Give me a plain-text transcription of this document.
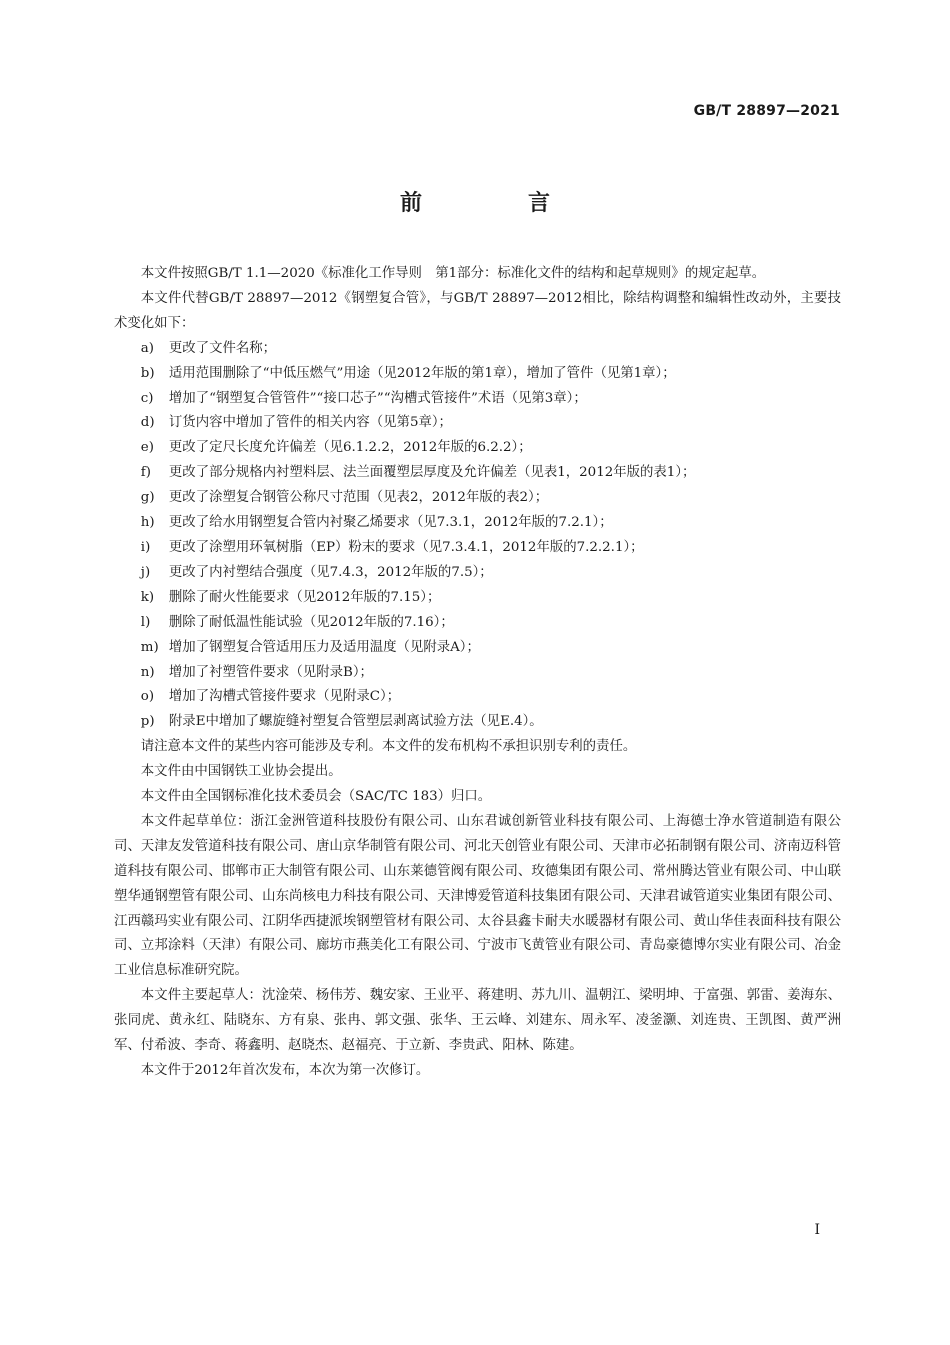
GB/T 28897—2021
前　言

本文件按照GB/T 1.1—2020《标准化工作导则　第1部分：标准化文件的结构和起草规则》的规定起草。

本文件代替GB/T 28897—2012《钢塑复合管》，与GB/T 28897—2012相比，除结构调整和编辑性改动外，主要技术变化如下：

a) 更改了文件名称；

b) 适用范围删除了“中低压燃气”用途（见2012年版的第1章），增加了管件（见第1章）；

c) 增加了“钢塑复合管管件”“接口芯子”“沟槽式管接件”术语（见第3章）；

d) 订货内容中增加了管件的相关内容（见第5章）；

e) 更改了定尺长度允许偏差（见6.1.2.2，2012年版的6.2.2）；

f) 更改了部分规格内衬塑料层、法兰面覆塑层厚度及允许偏差（见表1，2012年版的表1）；

g) 更改了涂塑复合钢管公称尺寸范围（见表2，2012年版的表2）；

h) 更改了给水用钢塑复合管内衬聚乙烯要求（见7.3.1，2012年版的7.2.1）；

i) 更改了涂塑用环氧树脂（EP）粉末的要求（见7.3.4.1，2012年版的7.2.2.1）；

j) 更改了内衬塑结合强度（见7.4.3，2012年版的7.5）；

k) 删除了耐火性能要求（见2012年版的7.15）；

l) 删除了耐低温性能试验（见2012年版的7.16）；

m) 增加了钢塑复合管适用压力及适用温度（见附录A）；

n) 增加了衬塑管件要求（见附录B）；

o) 增加了沟槽式管接件要求（见附录C）；

p) 附录E中增加了螺旋缝衬塑复合管塑层剥离试验方法（见E.4）。

请注意本文件的某些内容可能涉及专利。本文件的发布机构不承担识别专利的责任。

本文件由中国钢铁工业协会提出。

本文件由全国钢标准化技术委员会（SAC/TC 183）归口。

本文件起草单位：浙江金洲管道科技股份有限公司、山东君诚创新管业科技有限公司、上海德士净水管道制造有限公司、天津友发管道科技有限公司、唐山京华制管有限公司、河北天创管业有限公司、天津市必拓制钢有限公司、济南迈科管道科技有限公司、邯郸市正大制管有限公司、山东莱德管阀有限公司、玫德集团有限公司、常州腾达管业有限公司、中山联塑华通钢塑管有限公司、山东尚核电力科技有限公司、天津博爱管道科技集团有限公司、天津君诚管道实业集团有限公司、江西赣玛实业有限公司、江阴华西捷派埃钢塑管材有限公司、太谷县鑫卡耐夫水暖器材有限公司、黄山华佳表面科技有限公司、立邦涂料（天津）有限公司、廊坊市燕美化工有限公司、宁波市飞黄管业有限公司、青岛豪德博尔实业有限公司、冶金工业信息标准研究院。

本文件主要起草人：沈淦荣、杨伟芳、魏安家、王业平、蒋建明、苏九川、温朝江、梁明坤、于富强、郭雷、姜海东、张同虎、黄永红、陆晓东、方有泉、张冉、郭文强、张华、王云峰、刘建东、周永军、凌釜灏、刘连贵、王凯图、黄严洲军、付希波、李奇、蒋鑫明、赵晓杰、赵福亮、于立新、李贵武、阳林、陈建。

本文件于2012年首次发布，本次为第一次修订。

I
